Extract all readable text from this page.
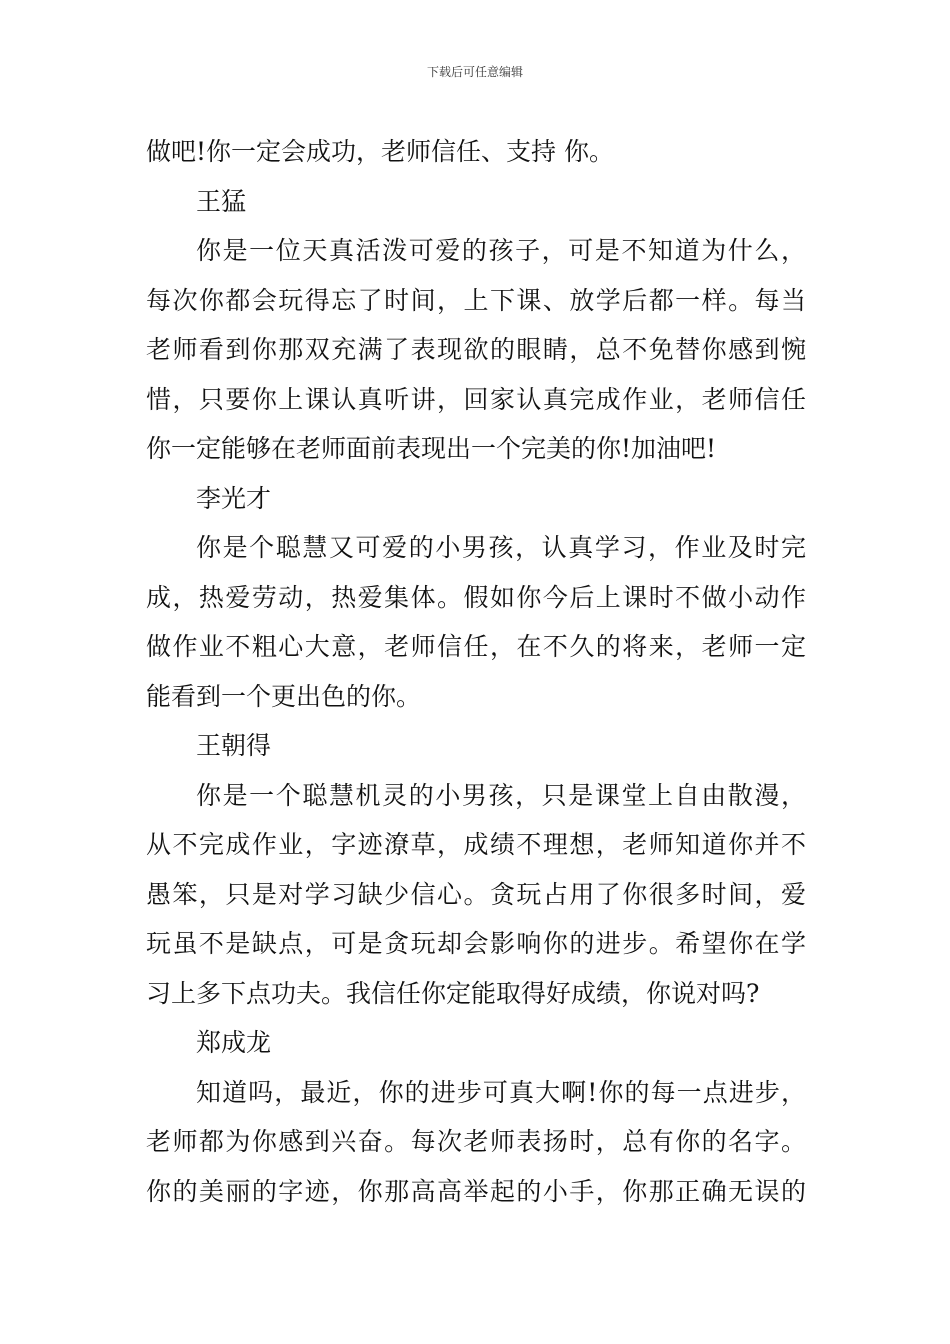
下载后可任意编辑
做吧!你一定会成功，老师信任、支持 你。
王猛
你是一位天真活泼可爱的孩子，可是不知道为什么，
每次你都会玩得忘了时间，上下课、放学后都一样。每当
老师看到你那双充满了表现欲的眼睛，总不免替你感到惋
惜，只要你上课认真听讲，回家认真完成作业，老师信任
你一定能够在老师面前表现出一个完美的你!加油吧!
李光才
你是个聪慧又可爱的小男孩，认真学习，作业及时完
成，热爱劳动，热爱集体。假如你今后上课时不做小动作
做作业不粗心大意，老师信任，在不久的将来，老师一定
能看到一个更出色的你。
王朝得
你是一个聪慧机灵的小男孩，只是课堂上自由散漫，
从不完成作业，字迹潦草，成绩不理想，老师知道你并不
愚笨，只是对学习缺少信心。贪玩占用了你很多时间，爱
玩虽不是缺点，可是贪玩却会影响你的进步。希望你在学
习上多下点功夫。我信任你定能取得好成绩，你说对吗?
郑成龙
知道吗，最近，你的进步可真大啊!你的每一点进步，
老师都为你感到兴奋。每次老师表扬时，总有你的名字。
你的美丽的字迹，你那高高举起的小手，你那正确无误的
